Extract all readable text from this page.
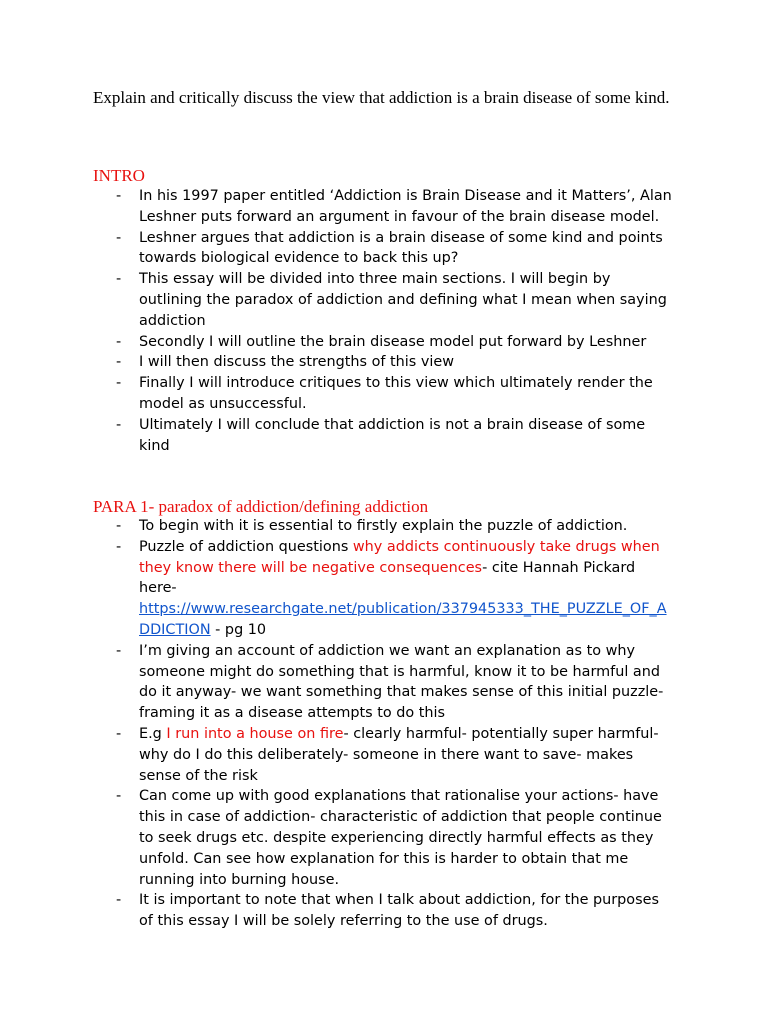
Explain and critically discuss the view that addiction is a brain disease of some kind.

INTRO

- In his 1997 paper entitled ‘Addiction is Brain Disease and it Matters’, Alan Leshner puts forward an argument in favour of the brain disease model.
- Leshner argues that addiction is a brain disease of some kind and points towards biological evidence to back this up?
- This essay will be divided into three main sections. I will begin by outlining the paradox of addiction and defining what I mean when saying addiction
- Secondly I will outline the brain disease model put forward by Leshner
- I will then discuss the strengths of this view
- Finally I will introduce critiques to this view which ultimately render the model as unsuccessful.
- Ultimately I will conclude that addiction is not a brain disease of some kind

PARA 1- paradox of addiction/defining addiction

- To begin with it is essential to firstly explain the puzzle of addiction.
- Puzzle of addiction questions why addicts continuously take drugs when they know there will be negative consequences- cite Hannah Pickard here-
https://www.researchgate.net/publication/337945333_THE_PUZZLE_OF_ADDICTION - pg 10
- I’m giving an account of addiction we want an explanation as to why someone might do something that is harmful, know it to be harmful and do it anyway- we want something that makes sense of this initial puzzle- framing it as a disease attempts to do this
- E.g I run into a house on fire- clearly harmful- potentially super harmful- why do I do this deliberately- someone in there want to save- makes sense of the risk
- Can come up with good explanations that rationalise your actions- have this in case of addiction- characteristic of addiction that people continue to seek drugs etc. despite experiencing directly harmful effects as they unfold. Can see how explanation for this is harder to obtain that me running into burning house.
- It is important to note that when I talk about addiction, for the purposes of this essay I will be solely referring to the use of drugs.
